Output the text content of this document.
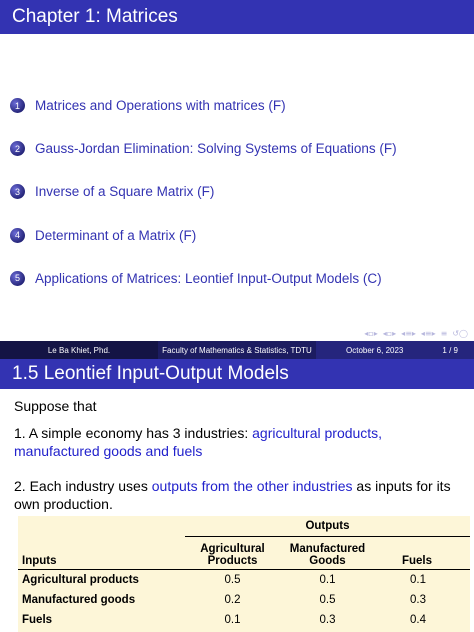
Chapter 1: Matrices
1	Matrices and Operations with matrices (F)
2	Gauss-Jordan Elimination: Solving Systems of Equations (F)
3	Inverse of a Square Matrix (F)
4	Determinant of a Matrix (F)
5	Applications of Matrices: Leontief Input-Output Models (C)
◂▫▸ ◂▫▸ ◂≡▸ ◂≡▸ ≡ ↺◯
Le Ba Khiet, Phd.	Faculty of Mathematics & Statistics, TDTU	October 6, 2023	1 / 9
1.5 Leontief Input-Output Models

Suppose that

1. A simple economy has 3 industries: agricultural products, manufactured goods and fuels

2. Each industry uses outputs from the other industries as inputs for its own production.

	Outputs		
Inputs	Agricultural Products	Manufactured Goods	Fuels
Agricultural products	0.5	0.1	0.1
Manufactured goods	0.2	0.5	0.3
Fuels	0.1	0.3	0.4
